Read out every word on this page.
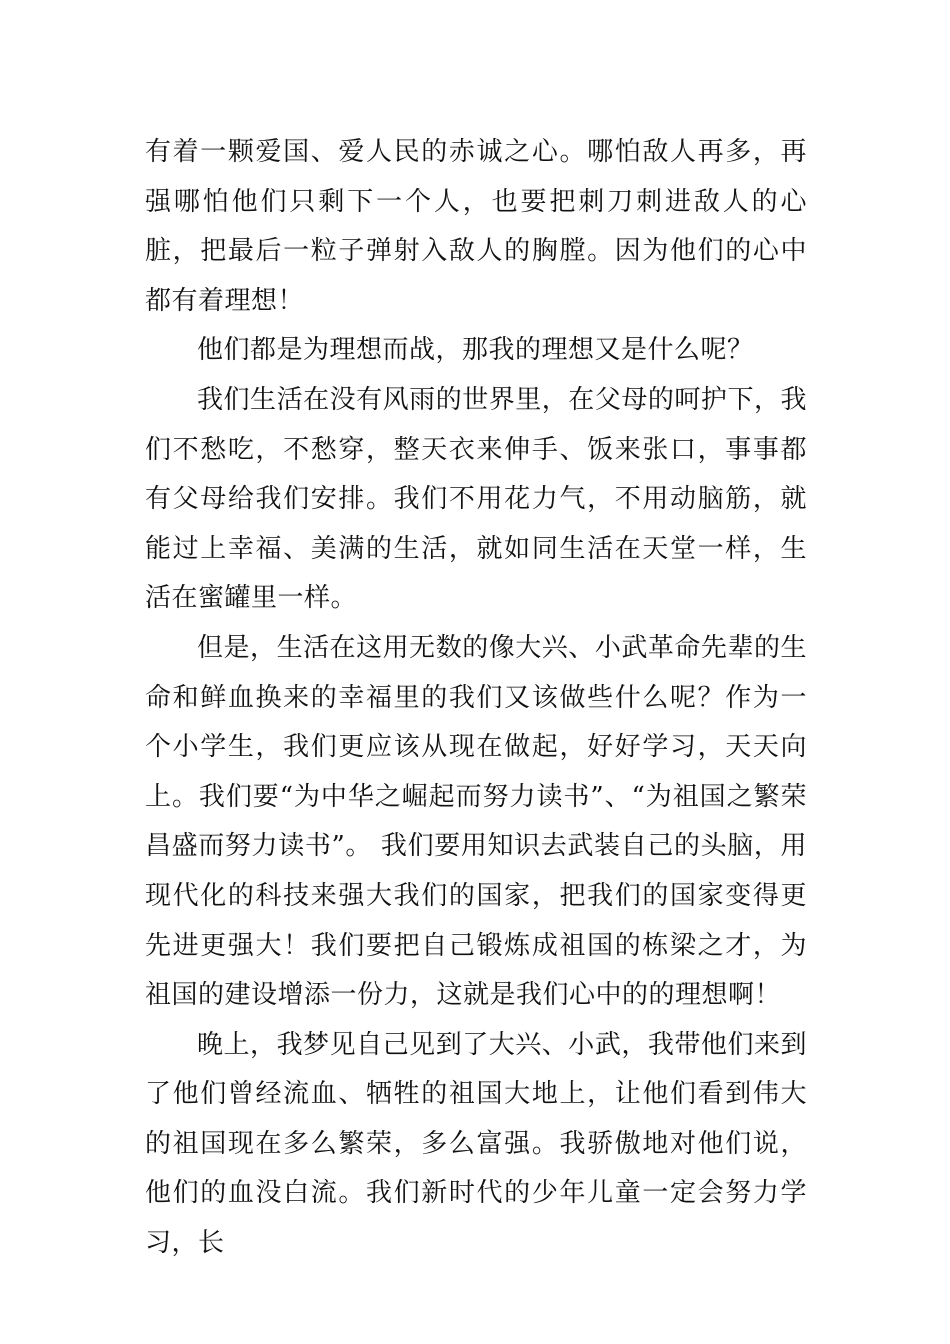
有着一颗爱国、爱人民的赤诚之心。哪怕敌人再多，再强哪怕他们只剩下一个人，也要把刺刀刺进敌人的心脏，把最后一粒子弹射入敌人的胸膛。因为他们的心中都有着理想！

他们都是为理想而战，那我的理想又是什么呢？

我们生活在没有风雨的世界里，在父母的呵护下，我们不愁吃，不愁穿，整天衣来伸手、饭来张口，事事都有父母给我们安排。我们不用花力气，不用动脑筋，就能过上幸福、美满的生活，就如同生活在天堂一样，生活在蜜罐里一样。

但是，生活在这用无数的像大兴、小武革命先辈的生命和鲜血换来的幸福里的我们又该做些什么呢？作为一个小学生，我们更应该从现在做起，好好学习，天天向上。我们要“为中华之崛起而努力读书”、“为祖国之繁荣昌盛而努力读书”。 我们要用知识去武装自己的头脑，用现代化的科技来强大我们的国家，把我们的国家变得更先进更强大！我们要把自己锻炼成祖国的栋梁之才，为祖国的建设增添一份力，这就是我们心中的的理想啊！

晚上，我梦见自己见到了大兴、小武，我带他们来到了他们曾经流血、牺牲的祖国大地上，让他们看到伟大的祖国现在多么繁荣，多么富强。我骄傲地对他们说，他们的血没白流。我们新时代的少年儿童一定会努力学习，长
